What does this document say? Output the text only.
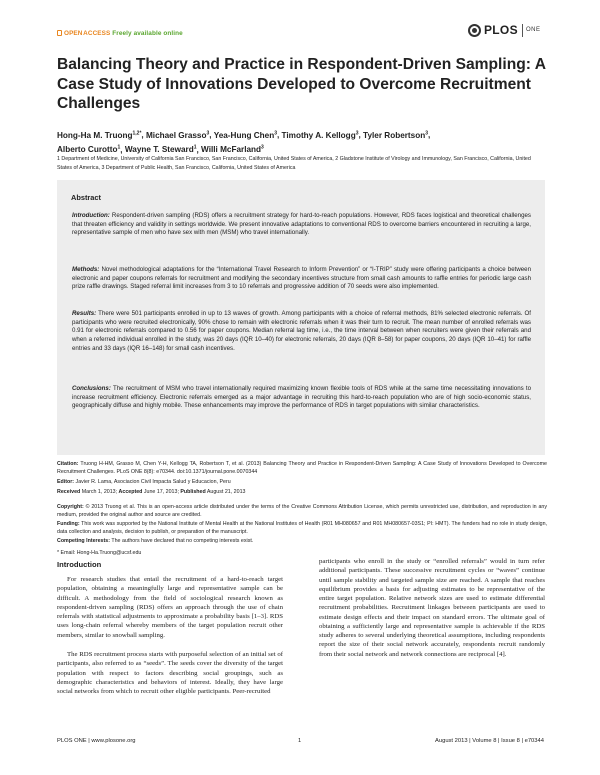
OPEN ACCESS Freely available online	PLOS ONE
Balancing Theory and Practice in Respondent-Driven Sampling: A Case Study of Innovations Developed to Overcome Recruitment Challenges
Hong-Ha M. Truong$^{1,2*}$, Michael Grasso$^3$, Yea-Hung Chen$^3$, Timothy A. Kellogg$^3$, Tyler Robertson$^3$,
Alberto Curotto$^1$, Wayne T. Steward$^1$, Willi McFarland$^3$
1 Department of Medicine, University of California San Francisco, San Francisco, California, United States of America, 2 Gladstone Institute of Virology and Immunology, San Francisco, California, United States of America, 3 Department of Public Health, San Francisco, California, United States of America
Abstract

Introduction: Respondent-driven sampling (RDS) offers a recruitment strategy for hard-to-reach populations. However, RDS faces logistical and theoretical challenges that threaten efficiency and validity in settings worldwide. We present innovative adaptations to conventional RDS to overcome barriers encountered in recruiting a large, representative sample of men who have sex with men (MSM) who travel internationally.

Methods: Novel methodological adaptations for the “International Travel Research to Inform Prevention” or “I-TRIP” study were offering participants a choice between electronic and paper coupons referrals for recruitment and modifying the secondary incentives structure from small cash amounts to raffle entries for periodic large cash prize raffle drawings. Staged referral limit increases from 3 to 10 referrals and progressive addition of 70 seeds were also implemented.

Results: There were 501 participants enrolled in up to 13 waves of growth. Among participants with a choice of referral methods, 81% selected electronic referrals. Of participants who were recruited electronically, 90% chose to remain with electronic referrals when it was their turn to recruit. The mean number of enrolled referrals was 0.91 for electronic referrals compared to 0.56 for paper coupons. Median referral lag time, i.e., the time interval between when recruiters were given their referrals and when a referred individual enrolled in the study, was 20 days (IQR 10–40) for electronic referrals, 20 days (IQR 8–58) for paper coupons, 20 days (IQR 10–41) for raffle entries and 33 days (IQR 16–148) for small cash incentives.

Conclusions: The recruitment of MSM who travel internationally required maximizing known flexible tools of RDS while at the same time necessitating innovations to increase recruitment efficiency. Electronic referrals emerged as a major advantage in recruiting this hard-to-reach population who are of high socio-economic status, geographically diffuse and highly mobile. These enhancements may improve the performance of RDS in target populations with similar characteristics.

Citation: Truong H-HM, Grasso M, Chen Y-H, Kellogg TA, Robertson T, et al. (2013) Balancing Theory and Practice in Respondent-Driven Sampling: A Case Study of Innovations Developed to Overcome Recruitment Challenges. PLoS ONE 8(8): e70344. doi:10.1371/journal.pone.0070344

Editor: Javier R. Lama, Asociacion Civil Impacta Salud y Educacion, Peru

Received March 1, 2013; Accepted June 17, 2013; Published August 21, 2013

Copyright: © 2013 Truong et al. This is an open-access article distributed under the terms of the Creative Commons Attribution License, which permits unrestricted use, distribution, and reproduction in any medium, provided the original author and source are credited.

Funding: This work was supported by the National Institute of Mental Health at the National Institutes of Health (R01 MH080657 and R01 MH080657-03S1; PI: HMT). The funders had no role in study design, data collection and analysis, decision to publish, or preparation of the manuscript.

Competing Interests: The authors have declared that no competing interests exist.

* Email: Hong-Ha.Truong@ucsf.edu

Introduction

For research studies that entail the recruitment of a hard-to-reach target population, obtaining a meaningfully large and representative sample can be difficult. A methodology from the field of sociological research known as respondent-driven sampling (RDS) offers an approach through the use of chain referrals with statistical adjustments to approximate a probability basis [1–3]. RDS uses long-chain referral whereby members of the target population recruit other members, similar to snowball sampling.

The RDS recruitment process starts with purposeful selection of an initial set of participants, also referred to as “seeds”. The seeds cover the diversity of the target population with respect to factors describing social groupings, such as demographic characteristics and behaviors of interest. Ideally, they have large social networks from which to recruit other eligible participants. Peer-recruited

participants who enroll in the study or “enrolled referrals” would in turn refer additional participants. These successive recruitment cycles or “waves” continue until sample stability and targeted sample size are reached. A sample that reaches equilibrium provides a basis for adjusting estimates to be representative of the entire target population. Relative network sizes are used to estimate differential recruitment probabilities. Recruitment linkages between participants are used to estimate design effects and their impact on standard errors. The ultimate goal of obtaining a sufficiently large and representative sample is achievable if the RDS study adheres to several underlying theoretical assumptions, including respondents report the size of their social network accurately, respondents recruit randomly from their social network and network connections are reciprocal [4].

PLOS ONE | www.plosone.org	1	August 2013 | Volume 8 | Issue 8 | e70344
